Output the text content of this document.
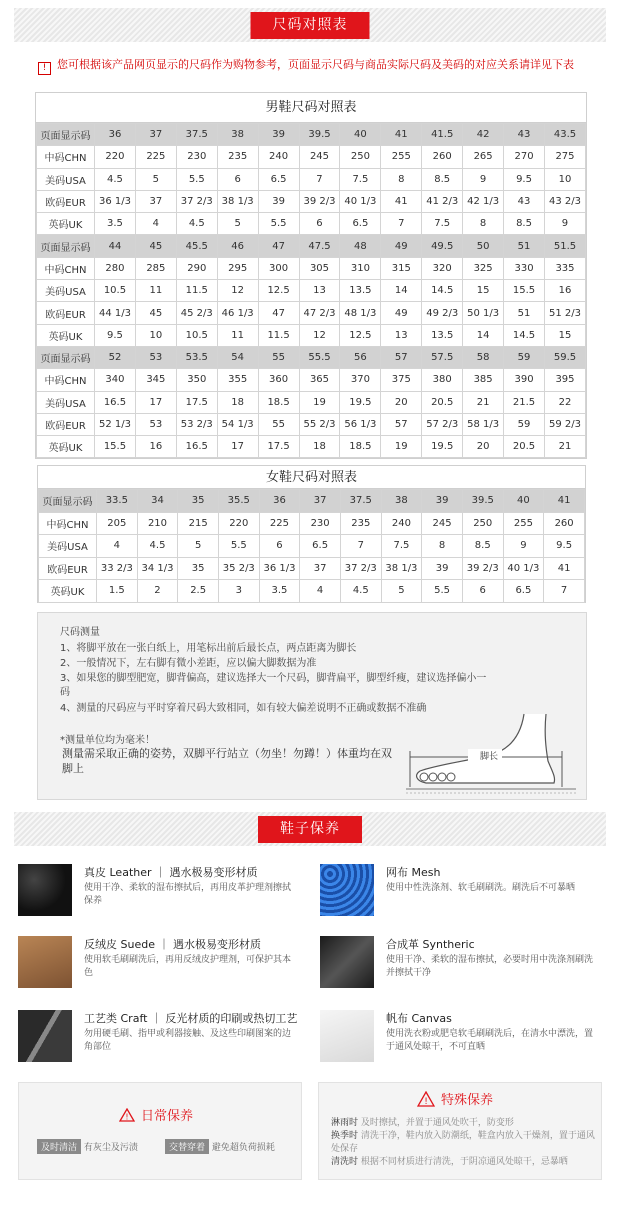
尺码对照表
! 您可根据该产品网页显示的尺码作为购物参考，页面显示尺码与商品实际尺码及美码的对应关系请详见下表
男鞋尺码对照表
页面显示码	36	37	37.5	38	39	39.5	40	41	41.5	42	43	43.5
中码CHN	220	225	230	235	240	245	250	255	260	265	270	275
美码USA	4.5	5	5.5	6	6.5	7	7.5	8	8.5	9	9.5	10
欧码EUR	36 1/3	37	37 2/3	38 1/3	39	39 2/3	40 1/3	41	41 2/3	42 1/3	43	43 2/3
英码UK	3.5	4	4.5	5	5.5	6	6.5	7	7.5	8	8.5	9
页面显示码	44	45	45.5	46	47	47.5	48	49	49.5	50	51	51.5
中码CHN	280	285	290	295	300	305	310	315	320	325	330	335
美码USA	10.5	11	11.5	12	12.5	13	13.5	14	14.5	15	15.5	16
欧码EUR	44 1/3	45	45 2/3	46 1/3	47	47 2/3	48 1/3	49	49 2/3	50 1/3	51	51 2/3
英码UK	9.5	10	10.5	11	11.5	12	12.5	13	13.5	14	14.5	15
页面显示码	52	53	53.5	54	55	55.5	56	57	57.5	58	59	59.5
中码CHN	340	345	350	355	360	365	370	375	380	385	390	395
美码USA	16.5	17	17.5	18	18.5	19	19.5	20	20.5	21	21.5	22
欧码EUR	52 1/3	53	53 2/3	54 1/3	55	55 2/3	56 1/3	57	57 2/3	58 1/3	59	59 2/3
英码UK	15.5	16	16.5	17	17.5	18	18.5	19	19.5	20	20.5	21
女鞋尺码对照表
页面显示码	33.5	34	35	35.5	36	37	37.5	38	39	39.5	40	41
中码CHN	205	210	215	220	225	230	235	240	245	250	255	260
美码USA	4	4.5	5	5.5	6	6.5	7	7.5	8	8.5	9	9.5
欧码EUR	33 2/3	34 1/3	35	35 2/3	36 1/3	37	37 2/3	38 1/3	39	39 2/3	40 1/3	41
英码UK	1.5	2	2.5	3	3.5	4	4.5	5	5.5	6	6.5	7
尺码测量
1、将脚平放在一张白纸上，用笔标出前后最长点，两点距离为脚长
2、一般情况下，左右脚有微小差距，应以偏大脚数据为准
3、如果您的脚型肥宽，脚背偏高，建议选择大一个尺码，脚背扁平，脚型纤瘦，建议选择偏小一码
4、测量的尺码应与平时穿着尺码大致相同，如有较大偏差说明不正确或数据不准确
*测量单位均为毫米！
测量需采取正确的姿势，双脚平行站立（勿坐！勿蹲！）体重均在双脚上
脚长
鞋子保养
真皮 Leather ｜ 遇水极易变形材质
使用干净、柔软的湿布擦拭后，再用皮革护理剂擦拭保养
网布 Mesh
使用中性洗涤剂、软毛刷刷洗。刷洗后不可暴晒
反绒皮 Suede ｜ 遇水极易变形材质
使用软毛刷刷洗后，再用反绒皮护理剂，可保护其本色
合成革 Syntheric
使用干净、柔软的湿布擦拭，必要时用中洗涤剂刷洗并擦拭干净
工艺类 Craft ｜ 反光材质的印刷或热切工艺
勿用硬毛刷、指甲或利器接触、及这些印刷图案的边角部位
帆布 Canvas
使用洗衣粉或肥皂软毛刷刷洗后，在清水中漂洗，置于通风处晾干，不可直晒
! 日常保养
及时清洁 有灰尘及污渍	交替穿着 避免超负荷损耗
! 特殊保养
淋雨时 及时擦拭，并置于通风处吹干，防变形
换季时 清洗干净，鞋内放入防潮纸，鞋盒内放入干燥剂，置于通风处保存
清洗时 根据不同材质进行清洗，于阴凉通风处晾干，忌暴晒
